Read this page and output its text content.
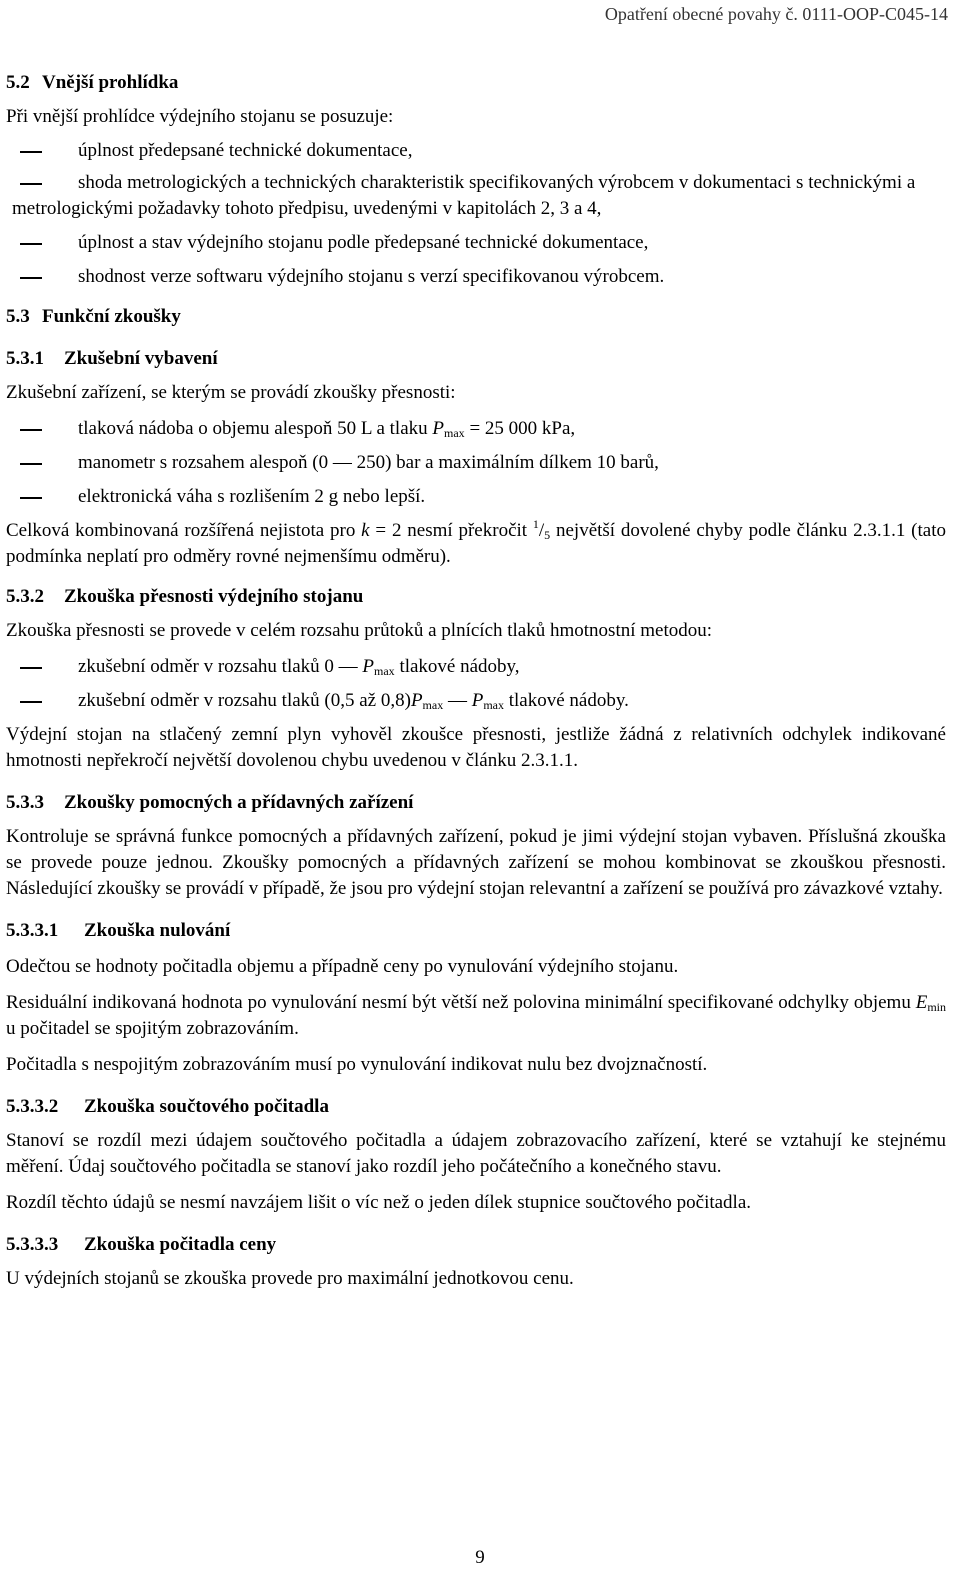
Opatření obecné povahy č. 0111-OOP-C045-14
5.2 Vnější prohlídka

Při vnější prohlídce výdejního stojanu se posuzuje:

úplnost předepsané technické dokumentace,
shoda metrologických a technických charakteristik specifikovaných výrobcem v dokumentaci s technickými a metrologickými požadavky tohoto předpisu, uvedenými v kapitolách 2, 3 a 4,
úplnost a stav výdejního stojanu podle předepsané technické dokumentace,
shodnost verze softwaru výdejního stojanu s verzí specifikovanou výrobcem.
5.3 Funkční zkoušky
5.3.1 Zkušební vybavení

Zkušební zařízení, se kterým se provádí zkoušky přesnosti:

tlaková nádoba o objemu alespoň 50 L a tlaku $P_{max} = 25$ 000 kPa,
manometr s rozsahem alespoň (0 — 250) bar a maximálním dílkem 10 barů,
elektronická váha s rozlišením 2 g nebo lepší.

Celková kombinovaná rozšířená nejistota pro k = 2 nesmí překročit $^1/_5$ největší dovolené chyby podle článku 2.3.1.1 (tato podmínka neplatí pro odměry rovné nejmenšímu odměru).

5.3.2 Zkouška přesnosti výdejního stojanu

Zkouška přesnosti se provede v celém rozsahu průtoků a plnících tlaků hmotnostní metodou:

zkušební odměr v rozsahu tlaků 0 — $P_{max}$ tlakové nádoby,
zkušební odměr v rozsahu tlaků (0,5 až $0,8)P_{max}$ — $P_{max}$ tlakové nádoby.

Výdejní stojan na stlačený zemní plyn vyhověl zkoušce přesnosti, jestliže žádná z relativních odchylek indikované hmotnosti nepřekročí největší dovolenou chybu uvedenou v článku 2.3.1.1.

5.3.3 Zkoušky pomocných a přídavných zařízení

Kontroluje se správná funkce pomocných a přídavných zařízení, pokud je jimi výdejní stojan vybaven. Příslušná zkouška se provede pouze jednou. Zkoušky pomocných a přídavných zařízení se mohou kombinovat se zkouškou přesnosti. Následující zkoušky se provádí v případě, že jsou pro výdejní stojan relevantní a zařízení se používá pro závazkové vztahy.

5.3.3.1 Zkouška nulování

Odečtou se hodnoty počitadla objemu a případně ceny po vynulování výdejního stojanu.

Residuální indikovaná hodnota po vynulování nesmí být větší než polovina minimální specifikované odchylky objemu $E_{min}$ u počitadel se spojitým zobrazováním.

Počitadla s nespojitým zobrazováním musí po vynulování indikovat nulu bez dvojznačností.

5.3.3.2 Zkouška součtového počitadla

Stanoví se rozdíl mezi údajem součtového počitadla a údajem zobrazovacího zařízení, které se vztahují ke stejnému měření. Údaj součtového počitadla se stanoví jako rozdíl jeho počátečního a konečného stavu.

Rozdíl těchto údajů se nesmí navzájem lišit o víc než o jeden dílek stupnice součtového počitadla.

5.3.3.3 Zkouška počitadla ceny

U výdejních stojanů se zkouška provede pro maximální jednotkovou cenu.

9
